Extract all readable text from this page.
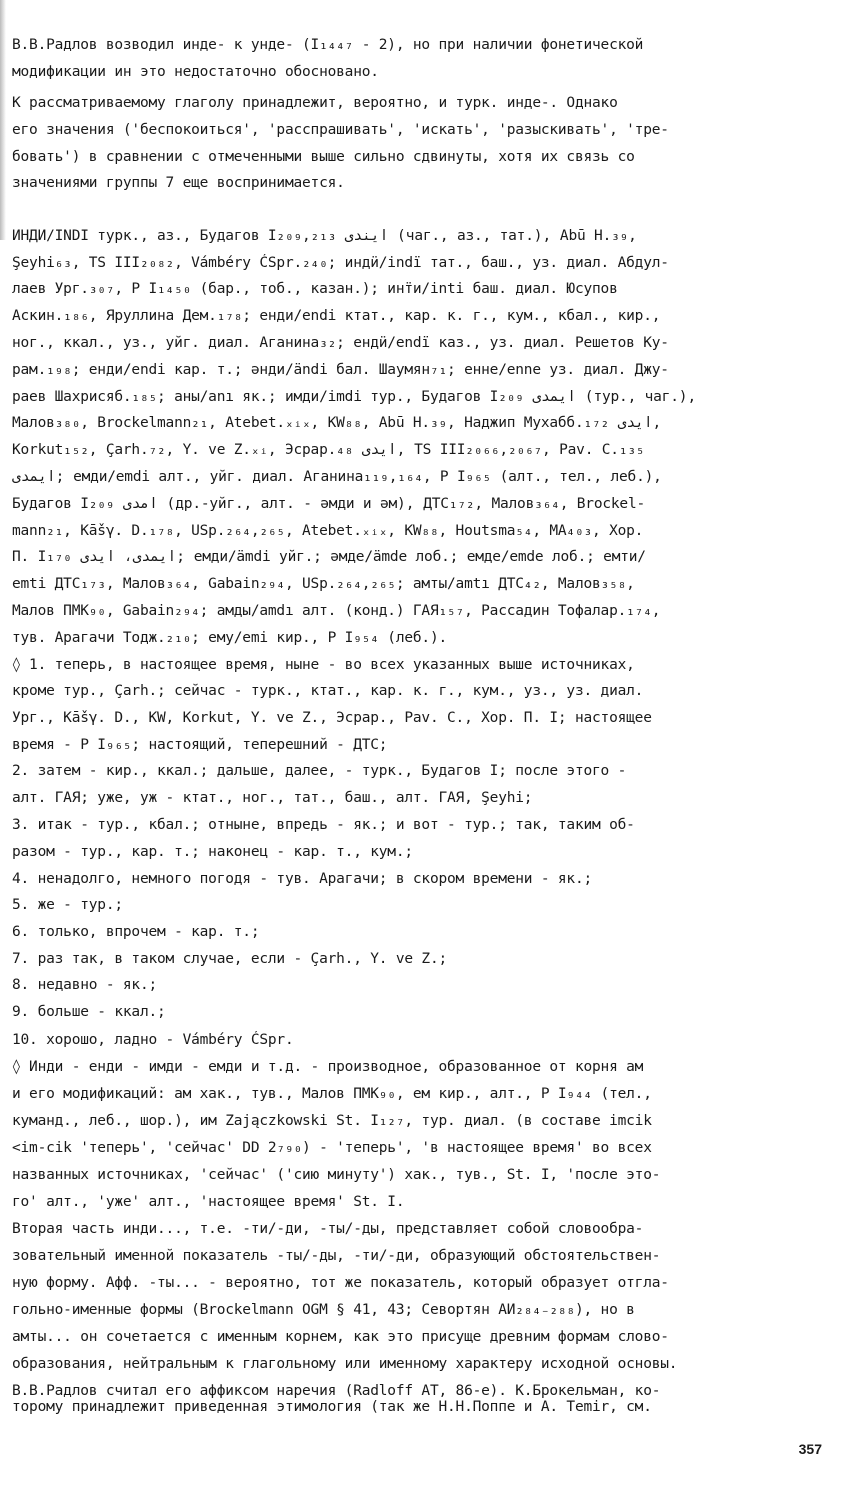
В.В.Радлов возводил инде- к унде- (I₁₄₄₇ - 2), но при наличии фонетической
модификации ин это недостаточно обосновано.
К рассматриваемому глаголу принадлежит, вероятно, и турк. инде-. Однако
его значения ('беспокоиться', 'расспрашивать', 'искать', 'разыскивать', 'тре-
бовать') в сравнении с отмеченными выше сильно сдвинуты, хотя их связь со
значениями группы 7 еще воспринимается.
ИНДИ/INDI турк., аз., Будагов I₂₀₉,₂₁₃ ايندى (чаг., аз., тат.), Abū H.₃₉,
Şeyhi₆₃, TS III₂₀₈₂, Vámbéry ĆSpr.₂₄₀; индӥ/indï тат., баш., уз. диал. Абдул-
лаев Ург.₃₀₇, P I₁₄₅₀ (бар., тоб., казан.); инт̈и/inti баш. диал. Юсупов
Аскин.₁₈₆, Яруллина Дем.₁₇₈; енди/endi ктат., кар. к. г., кум., кбал., кир.,
ног., ккал., уз., уйг. диал. Аганина₃₂; ендӥ/endï каз., уз. диал. Решетов Ку-
рам.₁₉₈; енди/endi кар. т.; әнди/ändi бал. Шаумян₇₁; енне/enne уз. диал. Джу-
раев Шахрисяб.₁₈₅; аны/anı як.; имди/imdi тур., Будагов I₂₀₉ ايمدى (тур., чаг.),
Малов₃₈₀, Brockelmann₂₁, Atebet.ₓᵢₓ, KW₈₈, Abū H.₃₉, Наджип Мухабб.₁₇₂ ايدى,
Korkut₁₅₂, Çarh.₇₂, Y. ve Z.ₓᵢ, Эсрар.₄₈ ايدى, TS III₂₀₆₆,₂₀₆₇, Pav. C.₁₃₅
ايمدى; емди/emdi алт., уйг. диал. Аганина₁₁₉,₁₆₄, P I₉₆₅ (алт., тел., леб.),
Будагов I₂₀₉ امدى (др.-уйг., алт. - әмди и әм), ДТС₁₇₂, Малов₃₆₄, Brockel-
mann₂₁, Kāšγ. D.₁₇₈, USp.₂₆₄,₂₆₅, Atebet.ₓᵢₓ, KW₈₈, Houtsma₅₄, МА₄₀₃, Хор.
П. I₁₇₀ ايمدى، ايدى; емди/ämdi уйг.; әмде/ämde лоб.; емде/emde лоб.; емти/
emti ДТС₁₇₃, Малов₃₆₄, Gabain₂₉₄, USp.₂₆₄,₂₆₅; амты/amtı ДТС₄₂, Малов₃₅₈,
Малов ПМК₉₀, Gabain₂₉₄; амды/amdı алт. (конд.) ГАЯ₁₅₇, Рассадин Тофалар.₁₇₄,
тув. Арагачи Тодж.₂₁₀; ему/emi кир., P I₉₅₄ (леб.).
◊ 1. теперь, в настоящее время, ныне - во всех указанных выше источниках,
кроме тур., Çarh.; сейчас - турк., ктат., кар. к. г., кум., уз., уз. диал.
Ург., Kāšγ. D., KW, Korkut, Y. ve Z., Эсрар., Pav. C., Хор. П. I; настоящее
время - P I₉₆₅; настоящий, теперешний - ДТС;
2. затем - кир., ккал.; дальше, далее, - турк., Будагов I; после этого -
алт. ГАЯ; уже, уж - ктат., ног., тат., баш., алт. ГАЯ, Şeyhi;
3. итак - тур., кбал.; отныне, впредь - як.; и вот - тур.; так, таким об-
разом - тур., кар. т.; наконец - кар. т., кум.;
4. ненадолго, немного погодя - тув. Арагачи; в скором времени - як.;
5. же - тур.;
6. только, впрочем - кар. т.;
7. раз так, в таком случае, если - Çarh., Y. ve Z.;
8. недавно - як.;
9. больше - ккал.;
10. хорошо, ладно - Vámbéry ĆSpr.
◊ Инди - енди - имди - емди и т.д. - производное, образованное от корня ам
и его модификаций: ам хак., тув., Малов ПМК₉₀, ем кир., алт., P I₉₄₄ (тел.,
куманд., леб., шор.), им Zajączkowski St. I₁₂₇, тур. диал. (в составе imcik
<im-cik 'теперь', 'сейчас' DD 2₇₉₀) - 'теперь', 'в настоящее время' во всех
названных источниках, 'сейчас' ('сию минуту') хак., тув., St. I, 'после это-
го' алт., 'уже' алт., 'настоящее время' St. I.
Вторая часть инди..., т.е. -ти/-ди, -ты/-ды, представляет собой словообра-
зовательный именной показатель -ты/-ды, -ти/-ди, образующий обстоятельствен-
ную форму. Афф. -ты... - вероятно, тот же показатель, который образует отгла-
гольно-именные формы (Brockelmann OGM § 41, 43; Севортян АИ₂₈₄₋₂₈₈), но в
амты... он сочетается с именным корнем, как это присуще древним формам слово-
образования, нейтральным к глагольному или именному характеру исходной основы.
В.В.Радлов считал его аффиксом наречия (Radloff AT, 86-е). К.Брокельман, ко-
торому принадлежит приведенная этимология (так же Н.Н.Поппе и А. Temir, см.
357
